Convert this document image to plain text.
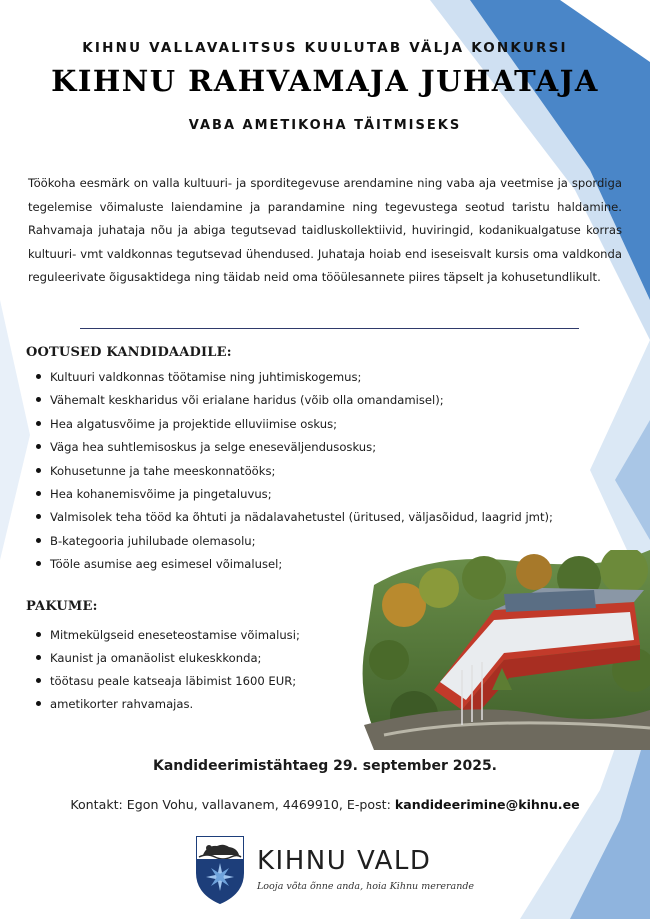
KIHNU VALLAVALITSUS KUULUTAB VÄLJA KONKURSI
KIHNU RAHVAMAJA JUHATAJA
VABA AMETIKOHA TÄITMISEKS
Töökoha eesmärk on valla kultuuri- ja sporditegevuse arendamine ning vaba aja veetmise ja spordiga tegelemise võimaluste laiendamine ja parandamine ning tegevustega seotud taristu haldamine. Rahvamaja juhataja nõu ja abiga tegutsevad taidluskollektiivid, huviringid, kodanikualgatuse korras kultuuri- vmt valdkonnas tegutsevad ühendused. Juhataja hoiab end iseseisvalt kursis oma valdkonda reguleerivate õigusaktidega ning täidab neid oma tööülesannete piires täpselt ja kohusetundlikult.
OOTUSED KANDIDAADILE:
Kultuuri valdkonnas töötamise ning juhtimiskogemus;
Vähemalt keskharidus või erialane haridus (võib olla omandamisel);
Hea algatusvõime ja projektide elluviimise oskus;
Väga hea suhtlemisoskus ja selge eneseväljendusoskus;
Kohusetunne ja tahe meeskonnatööks;
Hea kohanemisvõime ja pingetaluvus;
Valmisolek teha tööd ka õhtuti ja nädalavahetustel (üritused, väljasõidud, laagrid jmt);
B-kategooria juhilubade olemasolu;
Tööle asumise aeg esimesel võimalusel;
PAKUME:
Mitmekülgseid eneseteostamise võimalusi;
Kaunist ja omanäolist elukeskkonda;
töötasu peale katseaja läbimist 1600 EUR;
ametikorter rahvamajas.
Kandideerimistähtaeg 29. september 2025.
Kontakt: Egon Vohu, vallavanem, 4469910, E-post: kandideerimine@kihnu.ee
KIHNU VALD
Looja võta õnne anda, hoia Kihnu mererande
